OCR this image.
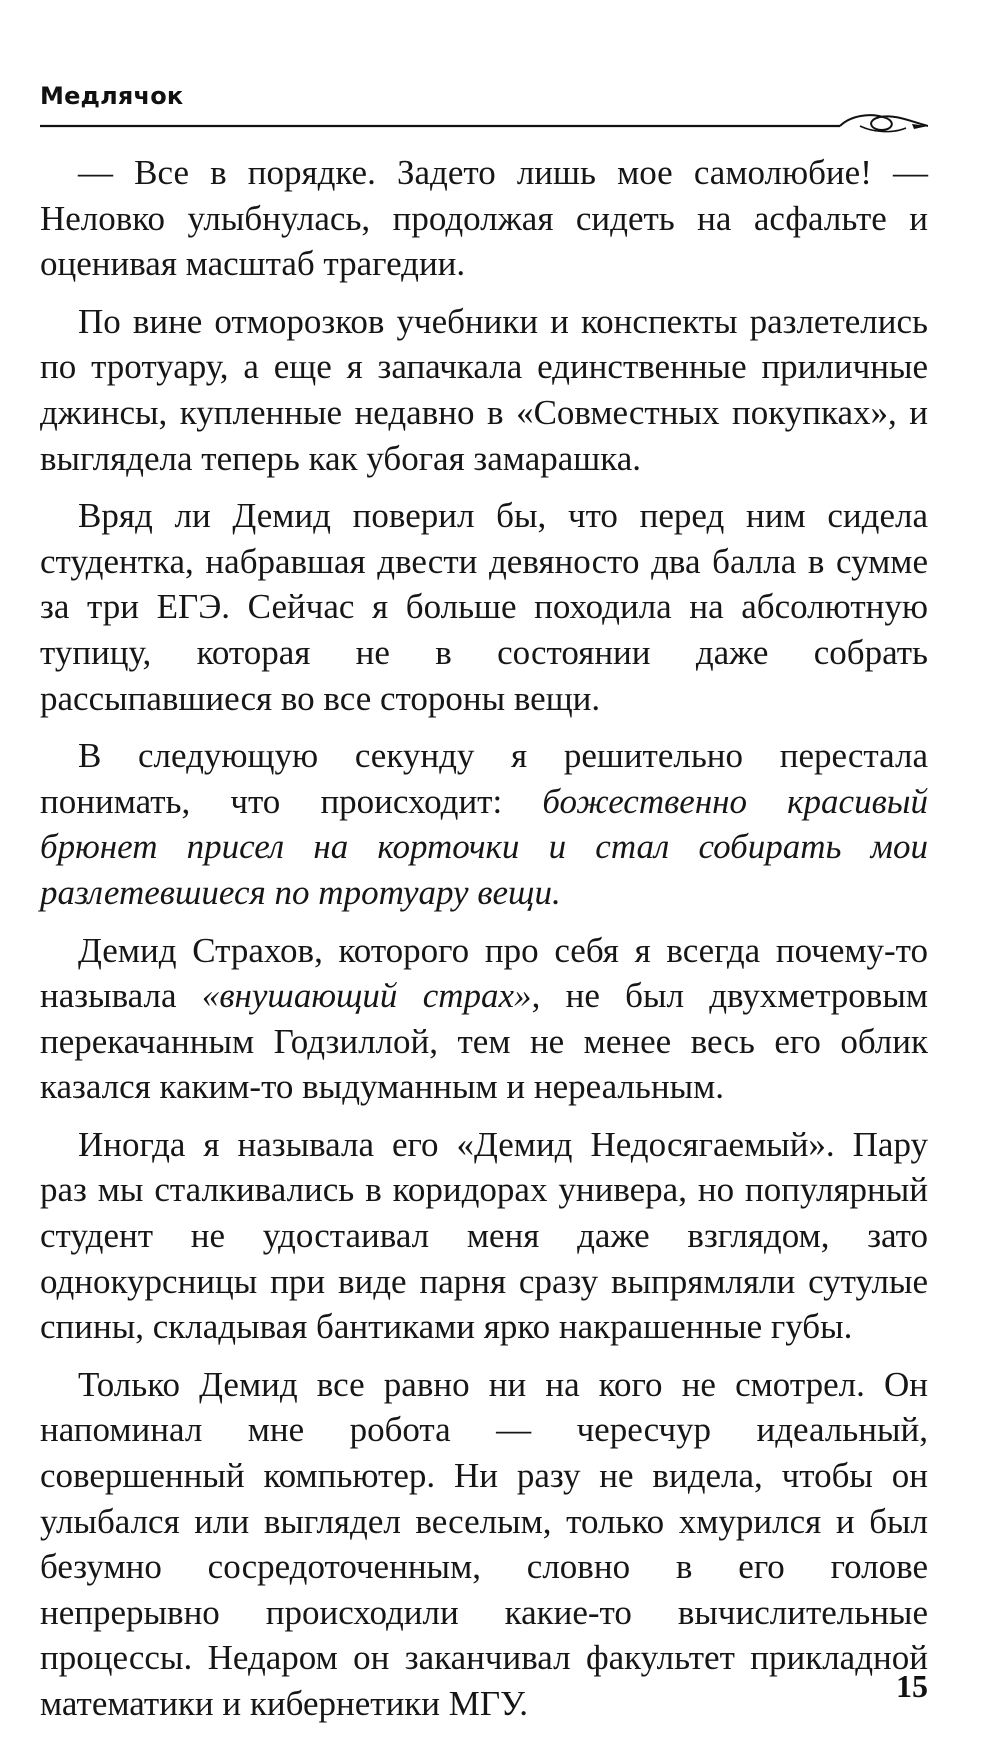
Медлячок

— Все в порядке. Задето лишь мое самолюбие! — Неловко улыбнулась, продолжая сидеть на асфальте и оценивая масштаб трагедии.

По вине отморозков учебники и конспекты разлетелись по тротуару, а еще я запачкала единственные приличные джинсы, купленные недавно в «Совместных покупках», и выглядела теперь как убогая замарашка.

Вряд ли Демид поверил бы, что перед ним сидела студентка, набравшая двести девяносто два балла в сумме за три ЕГЭ. Сейчас я больше походила на абсолютную тупицу, которая не в состоянии даже собрать рассыпавшиеся во все стороны вещи.

В следующую секунду я решительно перестала понимать, что происходит: божественно красивый брюнет присел на корточки и стал собирать мои разлетевшиеся по тротуару вещи.

Демид Страхов, которого про себя я всегда почему-то называла «внушающий страх», не был двухметровым перекачанным Годзиллой, тем не менее весь его облик казался каким-то выдуманным и нереальным.

Иногда я называла его «Демид Недосягаемый». Пару раз мы сталкивались в коридорах универа, но популярный студент не удостаивал меня даже взглядом, зато однокурсницы при виде парня сразу выпрямляли сутулые спины, складывая бантиками ярко накрашенные губы.

Только Демид все равно ни на кого не смотрел. Он напоминал мне робота — чересчур идеальный, совершенный компьютер. Ни разу не видела, чтобы он улыбался или выглядел веселым, только хмурился и был безумно сосредоточенным, словно в его голове непрерывно происходили какие-то вычислительные процессы. Недаром он заканчивал факультет прикладной математики и кибернетики МГУ.	15
